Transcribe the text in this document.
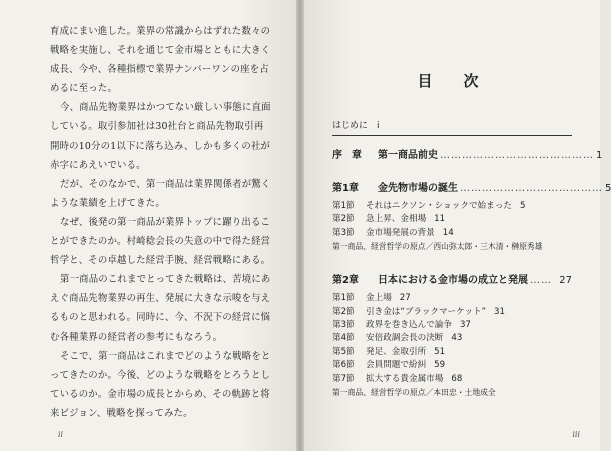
育成にまい進した。業界の常識からはずれた数々の戦略を実施し、それを通じて金市場とともに大きく成長、今や、各種指標で業界ナンバーワンの座を占めるに至った。

今、商品先物業界はかつてない厳しい事態に直面している。取引参加社は30社台と商品先物取引再開時の10分の1以下に落ち込み、しかも多くの社が赤字にあえいでいる。

だが、そのなかで、第一商品は業界関係者が驚くような業績を上げてきた。

なぜ、後発の第一商品が業界トップに躍り出ることができたのか。村崎稔会長の失意の中で得た経営哲学と、その卓越した経営手腕、経営戦略にある。

第一商品のこれまでとってきた戦略は、苦境にあえぐ商品先物業界の再生、発展に大きな示唆を与えるものと思われる。同時に、今、不況下の経営に悩む各種業界の経営者の参考にもなろう。

そこで、第一商品はこれまでどのような戦略をとってきたのか。今後、どのような戦略をとろうとしているのか。金市場の成長とからめ、その軌跡と将来ビジョン、戦略を探ってみた。

ii
目　次
はじめに　i
序　章	第一商品前史 …………………………………… 1
第1章	金先物市場の誕生 ………………………………… 5
第1節	それはニクソン・ショックで始まった 5
第2節	急上昇、金相場 11
第3節	金市場発展の背景 14
第一商品、経営哲学の原点／西山弥太郎・三木清・榊原秀雄
第2章	日本における金市場の成立と発展 …… 27
第1節	金上場 27
第2節	引き金は“ブラックマーケット” 31
第3節	政界を巻き込んで論争 37
第4節	安倍政調会長の決断 43
第5節	発足、金取引所 51
第6節	会員問題で紛糾 59
第7節	拡大する貴金属市場 68
第一商品、経営哲学の原点／本田忠・土地成全
iii
